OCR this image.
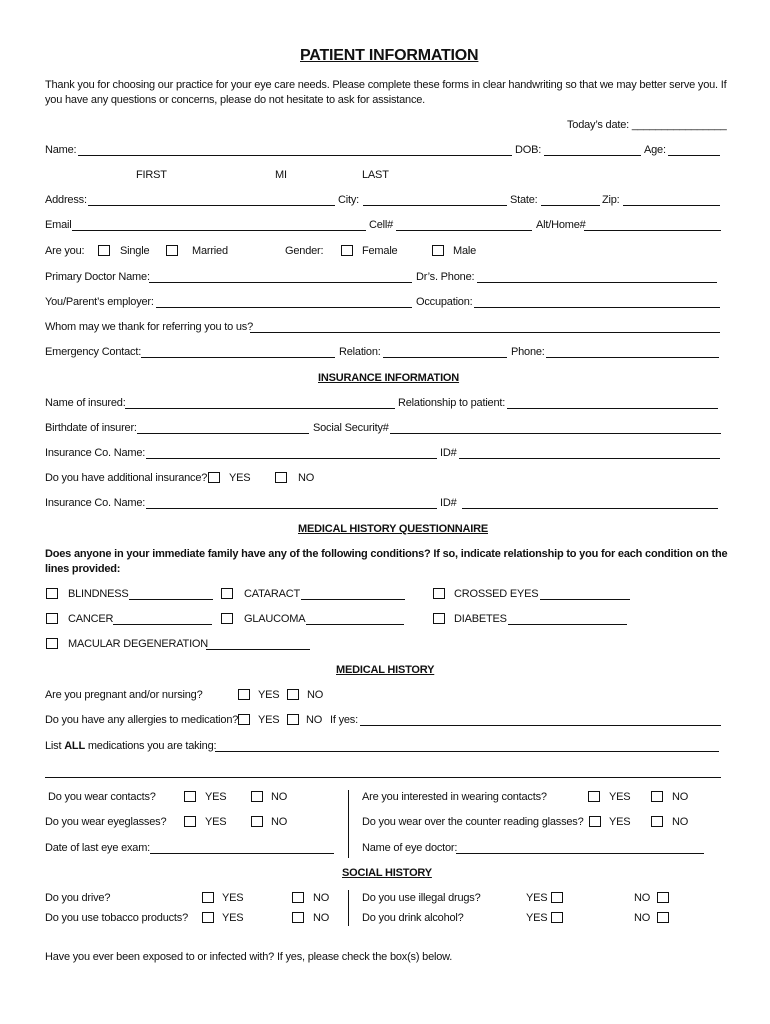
PATIENT INFORMATION
Thank you for choosing our practice for your eye care needs. Please complete these forms in clear handwriting so that we may better serve you. If
you have any questions or concerns, please do not hesitate to ask for assistance.
Today’s date: ________________
Name:	DOB:	Age:
FIRST	MI	LAST
Address:	City:	State:	Zip:
Email	Cell#	Alt/Home#
Are you:	Single	Married	Gender:	Female	Male
Primary Doctor Name:	Dr’s. Phone:
You/Parent’s employer:	Occupation:
Whom may we thank for referring you to us?
Emergency Contact:	Relation:	Phone:
INSURANCE INFORMATION
Name of insured:	Relationship to patient:
Birthdate of insurer:	Social Security#
Insurance Co. Name:	ID#
Do you have additional insurance? YES	NO
Insurance Co. Name:	ID#
MEDICAL HISTORY QUESTIONNAIRE
Does anyone in your immediate family have any of the following conditions? If so, indicate relationship to you for each condition on the
lines provided:
BLINDNESS	CATARACT	CROSSED EYES
CANCER	GLAUCOMA	DIABETES
MACULAR DEGENERATION
MEDICAL HISTORY
Are you pregnant and/or nursing?	YES	NO
Do you have any allergies to medication? YES NO If yes:
List ALL medications you are taking:
Do you wear contacts?	YES	NO	Are you interested in wearing contacts?	YES	NO
Do you wear eyeglasses?	YES	NO	Do you wear over the counter reading glasses? YES	NO
Date of last eye exam:	Name of eye doctor:
SOCIAL HISTORY
Do you drive?	YES	NO
Do you use tobacco products?	YES	NO
Do you use illegal drugs?	YES	NO
Do you drink alcohol?	YES	NO
Have you ever been exposed to or infected with? If yes, please check the box(s) below.
